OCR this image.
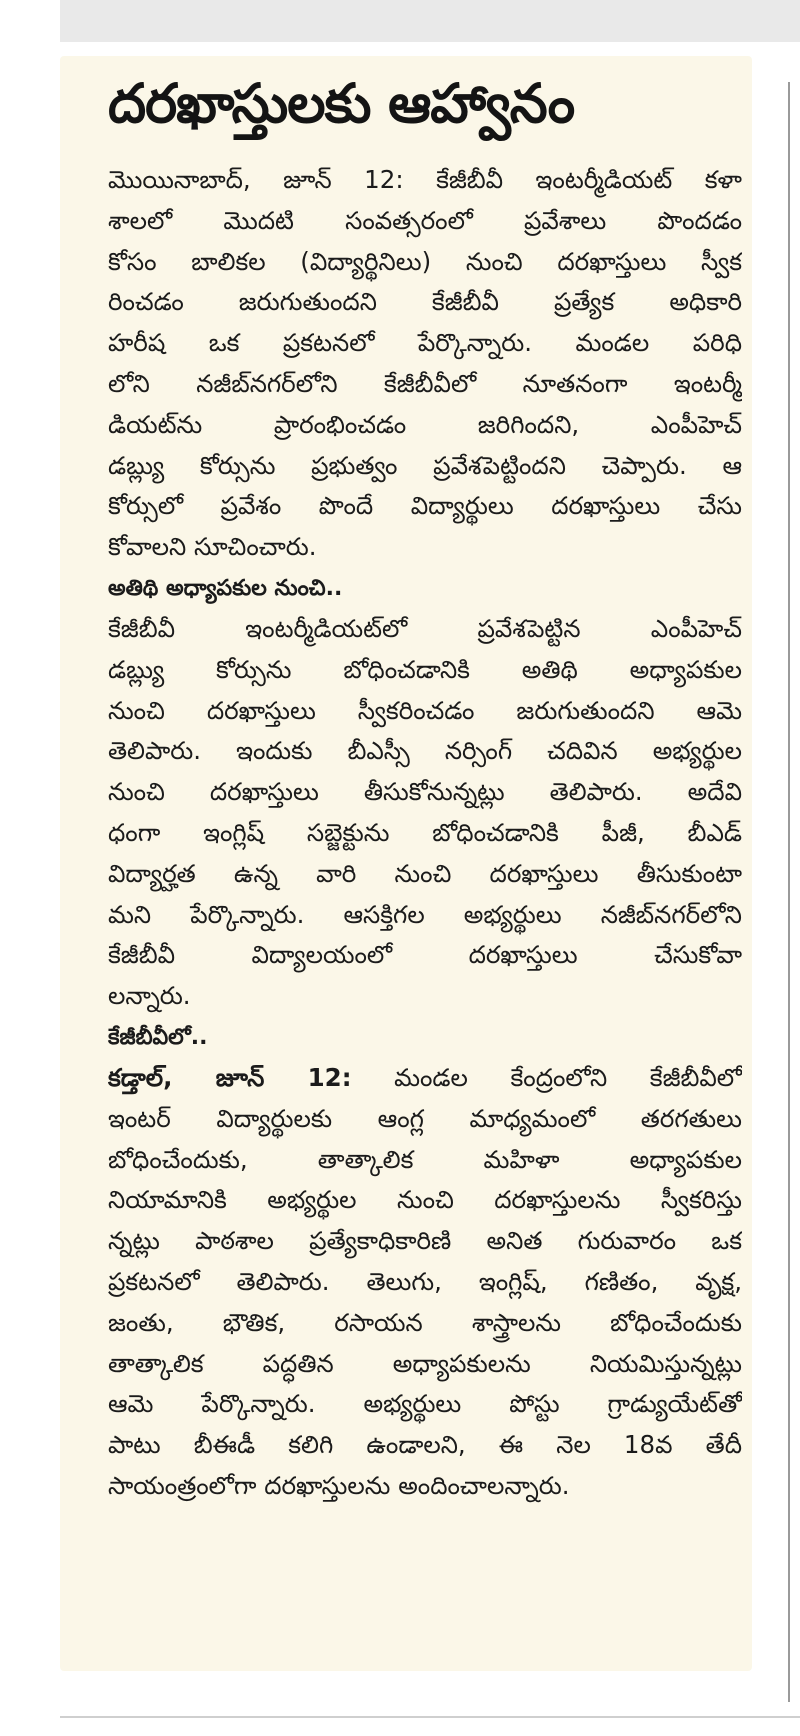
దరఖాస్తులకు ఆహ్వానం
మొయినాబాద్, జూన్ 12: కేజీబీవీ ఇంటర్మీడియట్ కళా
శాలలో మొదటి సంవత్సరంలో ప్రవేశాలు పొందడం
కోసం బాలికల (విద్యార్థినిలు) నుంచి దరఖాస్తులు స్వీక
రించడం జరుగుతుందని కేజీబీవీ ప్రత్యేక అధికారి
హరీష ఒక ప్రకటనలో పేర్కొన్నారు. మండల పరిధి
లోని నజీబ్‌నగర్‌లోని కేజీబీవీలో నూతనంగా ఇంటర్మీ
డియట్‌ను ప్రారంభించడం జరిగిందని, ఎంపీహెచ్
డబ్ల్యు కోర్సును ప్రభుత్వం ప్రవేశపెట్టిందని చెప్పారు. ఆ
కోర్సులో ప్రవేశం పొందే విద్యార్థులు దరఖాస్తులు చేసు
కోవాలని సూచించారు.
అతిథి అధ్యాపకుల నుంచి..
కేజీబీవీ ఇంటర్మీడియట్‌లో ప్రవేశపెట్టిన ఎంపీహెచ్
డబ్ల్యు కోర్సును బోధించడానికి అతిథి అధ్యాపకుల
నుంచి దరఖాస్తులు స్వీకరించడం జరుగుతుందని ఆమె
తెలిపారు. ఇందుకు బీఎస్సీ నర్సింగ్ చదివిన అభ్యర్థుల
నుంచి దరఖాస్తులు తీసుకోనున్నట్లు తెలిపారు. అదేవి
ధంగా ఇంగ్లిష్ సబ్జెక్టును బోధించడానికి పీజీ, బీఎడ్
విద్యార్హత ఉన్న వారి నుంచి దరఖాస్తులు తీసుకుంటా
మని పేర్కొన్నారు. ఆసక్తిగల అభ్యర్థులు నజీబ్‌నగర్‌లోని
కేజీబీవీ విద్యాలయంలో దరఖాస్తులు చేసుకోవా
లన్నారు.
కేజీబీవీలో..
కడ్తాల్, జూన్ 12: మండల కేంద్రంలోని కేజీబీవీలో
ఇంటర్ విద్యార్థులకు ఆంగ్ల మాధ్యమంలో తరగతులు
బోధించేందుకు, తాత్కాలిక మహిళా అధ్యాపకుల
నియామానికి అభ్యర్థుల నుంచి దరఖాస్తులను స్వీకరిస్తు
న్నట్లు పాఠశాల ప్రత్యేకాధికారిణి అనిత గురువారం ఒక
ప్రకటనలో తెలిపారు. తెలుగు, ఇంగ్లిష్, గణితం, వృక్ష,
జంతు, భౌతిక, రసాయన శాస్త్రాలను బోధించేందుకు
తాత్కాలిక పద్ధతిన అధ్యాపకులను నియమిస్తున్నట్లు
ఆమె పేర్కొన్నారు. అభ్యర్థులు పోస్టు గ్రాడ్యుయేట్‌తో
పాటు బీఈడీ కలిగి ఉండాలని, ఈ నెల 18వ తేదీ
సాయంత్రంలోగా దరఖాస్తులను అందించాలన్నారు.
